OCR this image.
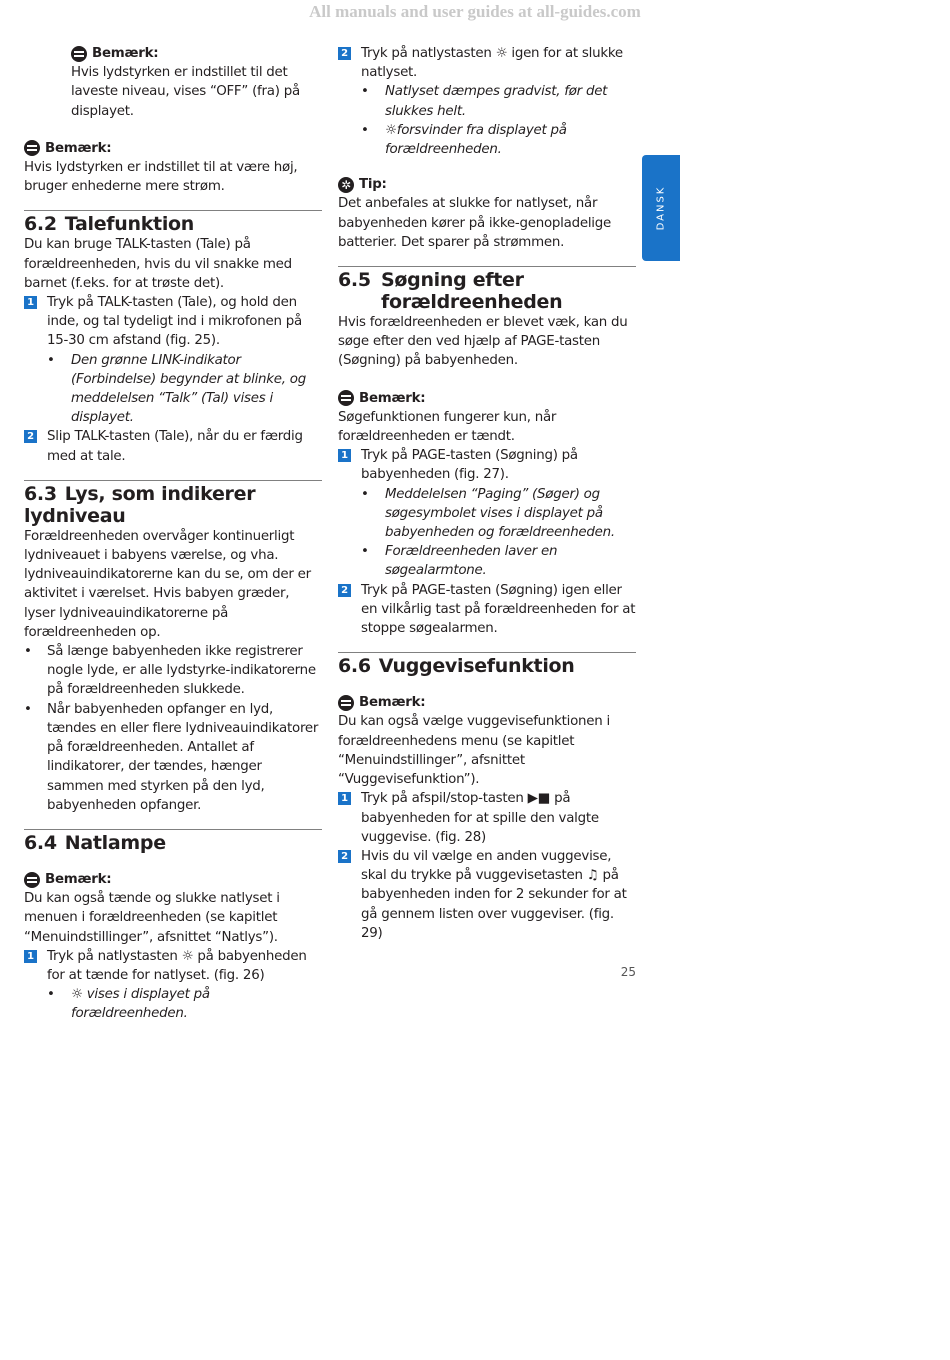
All manuals and user guides at all-guides.com

Bemærk:

Hvis lydstyrken er indstillet til det laveste niveau, vises “OFF” (fra) på displayet.

Bemærk:

Hvis lydstyrken er indstillet til at være høj, bruger enhederne mere strøm.

6.2 Talefunktion

Du kan bruge TALK-tasten (Tale) på forældreenheden, hvis du vil snakke med barnet (f.eks. for at trøste det).

1 Tryk på TALK-tasten (Tale), og hold den inde, og tal tydeligt ind i mikrofonen på 15-30 cm afstand (fig. 25).

•	Den grønne LINK-indikator (Forbindelse) begynder at blinke, og meddelelsen “Talk” (Tal) vises i displayet.
2 Slip TALK-tasten (Tale), når du er færdig med at tale.

6.3 Lys, som indikerer lydniveau

Forældreenheden overvåger kontinuerligt lydniveauet i babyens værelse, og vha. lydniveauindikatorerne kan du se, om der er aktivitet i værelset. Hvis babyen græder, lyser lydniveauindikatorerne på forældreenheden op.

•	Så længe babyenheden ikke registrerer nogle lyde, er alle lydstyrke-indikatorerne på forældreenheden slukkede.
•	Når babyenheden opfanger en lyd, tændes en eller flere lydniveauindikatorer på forældreenheden. Antallet af lindikatorer, der tændes, hænger sammen med styrken på den lyd, babyenheden opfanger.
6.4 Natlampe

Bemærk:

Du kan også tænde og slukke natlyset i menuen i forældreenheden (se kapitlet “Menuindstillinger”, afsnittet “Natlys”).

1 Tryk på natlystasten ☼ på babyenheden for at tænde for natlyset. (fig. 26)

•	☼ vises i displayet på forældreenheden.
2 Tryk på natlystasten ☼ igen for at slukke natlyset.

•	Natlyset dæmpes gradvist, før det slukkes helt.
•	☼forsvinder fra displayet på forældreenheden.

✲ Tip:

Det anbefales at slukke for natlyset, når babyenheden kører på ikke-genopladelige batterier. Det sparer på strømmen.

6.5 Søgning efter forældreenheden

Hvis forældreenheden er blevet væk, kan du søge efter den ved hjælp af PAGE-tasten (Søgning) på babyenheden.

Bemærk:

Søgefunktionen fungerer kun, når forældreenheden er tændt.

1 Tryk på PAGE-tasten (Søgning) på babyenheden (fig. 27).

•	Meddelelsen “Paging” (Søger) og søgesymbolet vises i displayet på babyenheden og forældreenheden.
•	Forældreenheden laver en søgealarmtone.
2 Tryk på PAGE-tasten (Søgning) igen eller en vilkårlig tast på forældreenheden for at stoppe søgealarmen.

6.6 Vuggevisefunktion

Bemærk:

Du kan også vælge vuggevisefunktionen i forældreenhedens menu (se kapitlet “Menuindstillinger”, afsnittet “Vuggevisefunktion”).

1 Tryk på afspil/stop-tasten ▶■ på babyenheden for at spille den valgte vuggevise. (fig. 28)

2 Hvis du vil vælge en anden vuggevise, skal du trykke på vuggevisetasten ♫ på babyenheden inden for 2 sekunder for at gå gennem listen over vuggeviser. (fig. 29)

DANSK
25
